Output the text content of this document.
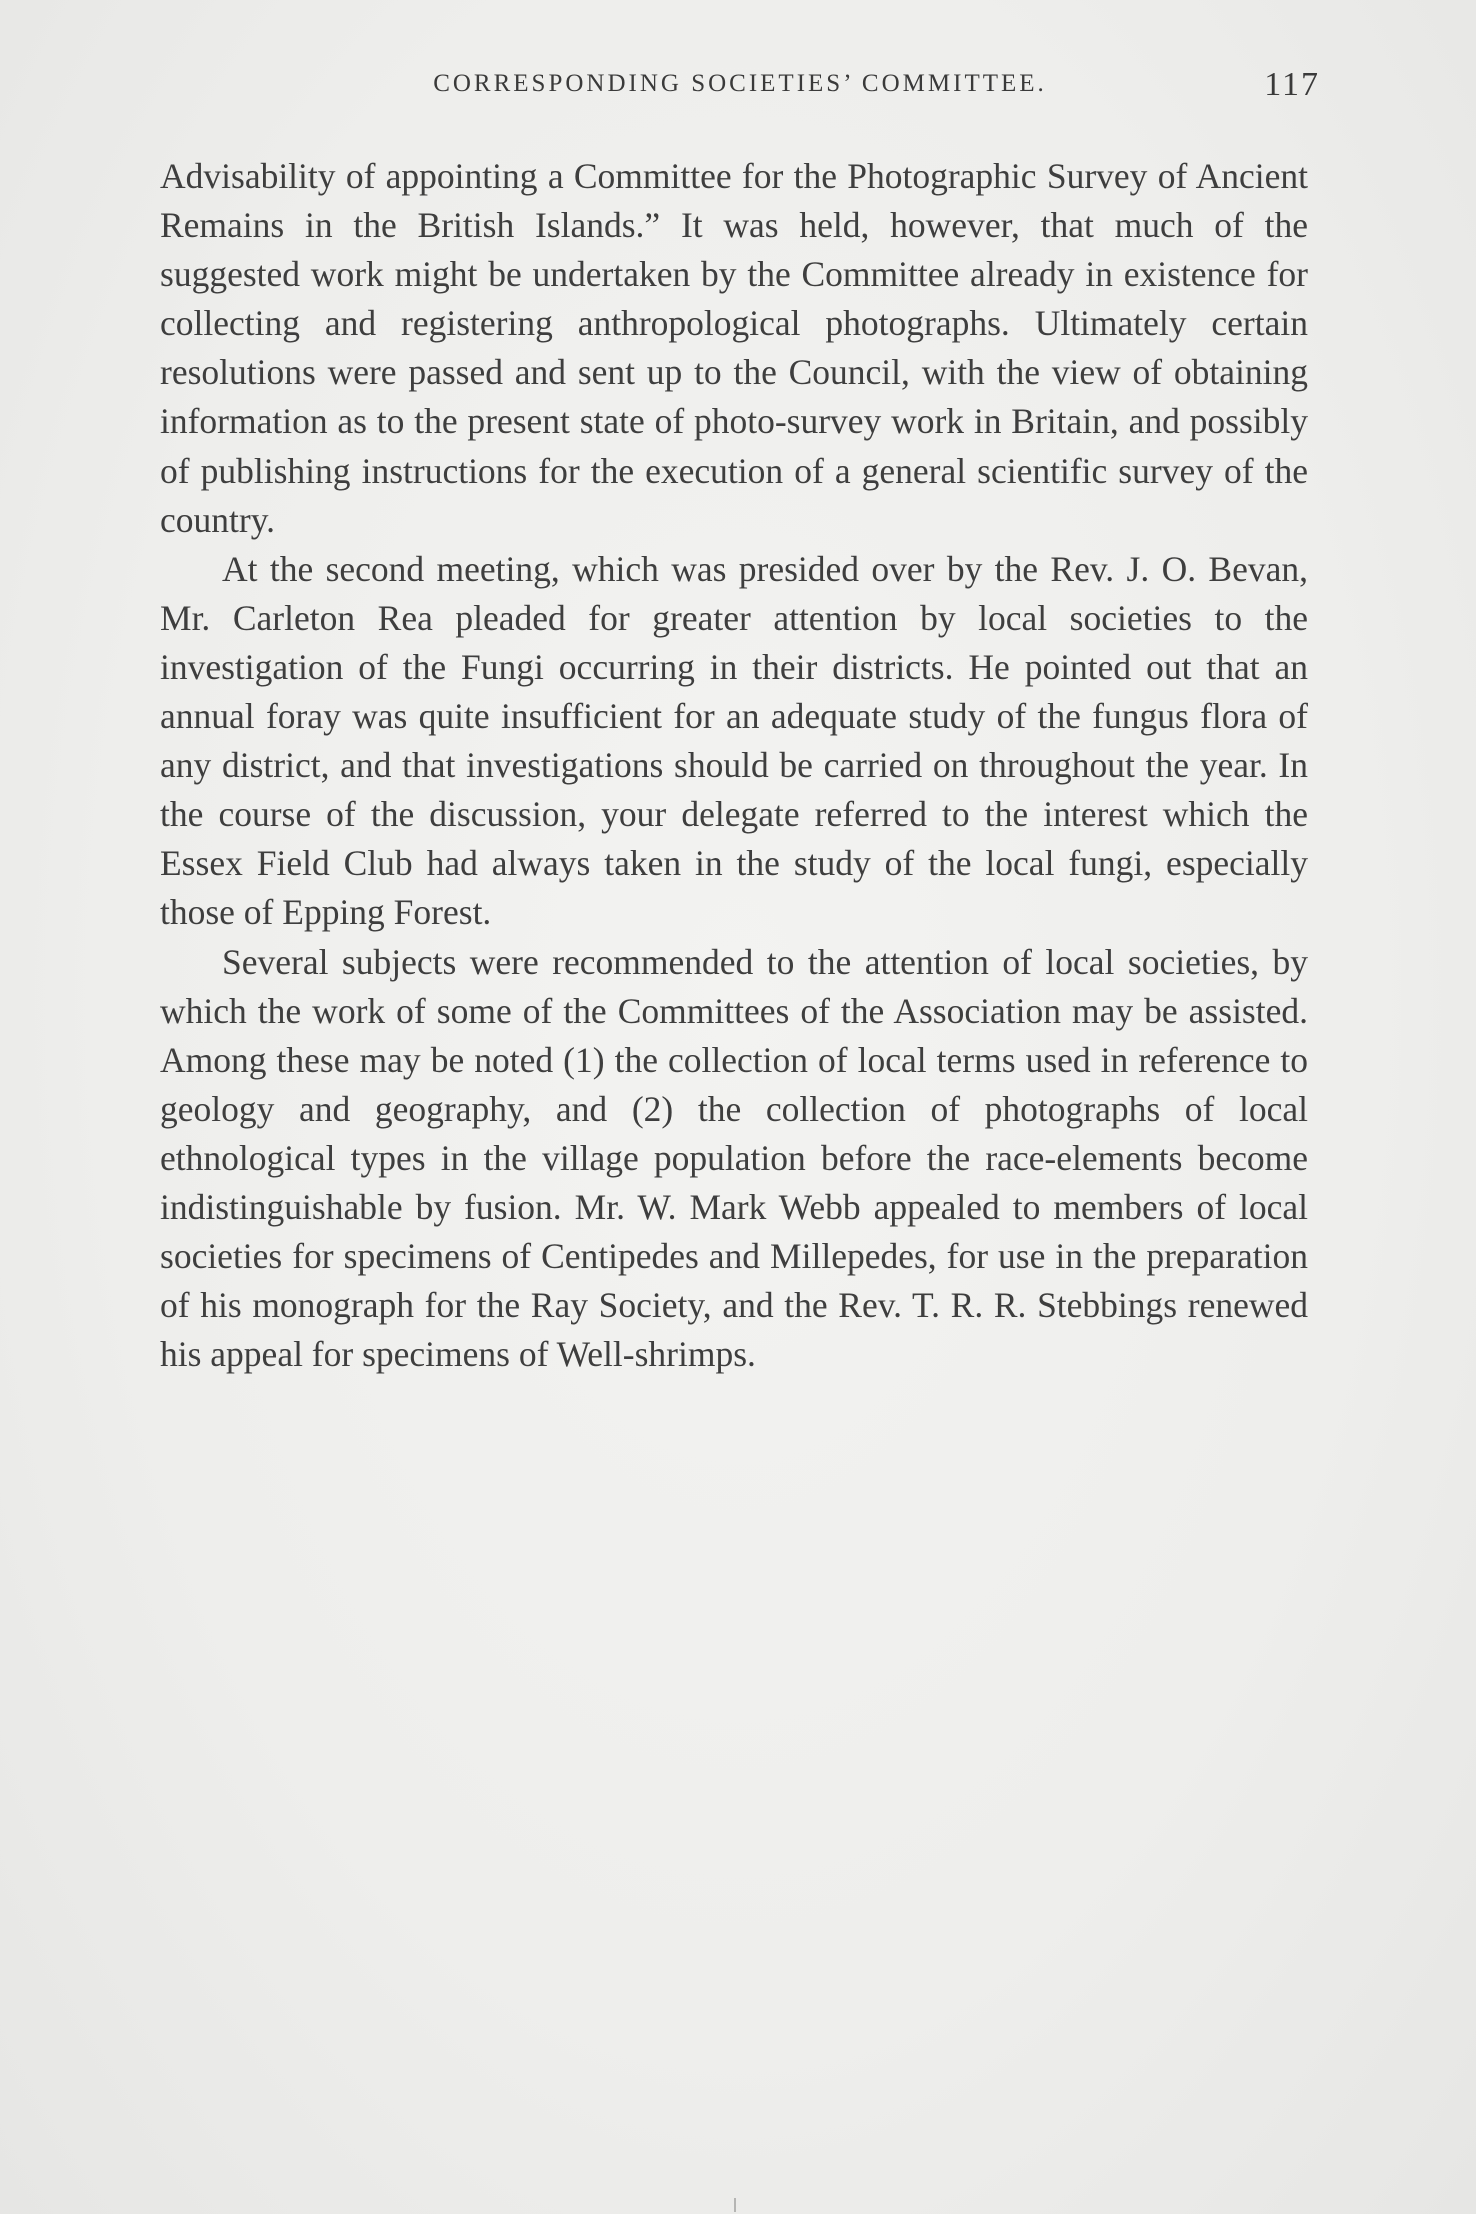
CORRESPONDING SOCIETIES’ COMMITTEE.	117

Advisability of appointing a Committee for the Photographic Survey of Ancient Remains in the British Islands.” It was held, however, that much of the suggested work might be undertaken by the Committee already in existence for collecting and registering anthropological photographs. Ultimately certain resolutions were passed and sent up to the Council, with the view of obtaining information as to the present state of photo-survey work in Britain, and possibly of publishing instructions for the execution of a general scientific survey of the country.

At the second meeting, which was presided over by the Rev. J. O. Bevan, Mr. Carleton Rea pleaded for greater attention by local societies to the investigation of the Fungi occurring in their districts. He pointed out that an annual foray was quite insufficient for an adequate study of the fungus flora of any district, and that investigations should be carried on throughout the year. In the course of the discussion, your delegate referred to the interest which the Essex Field Club had always taken in the study of the local fungi, especially those of Epping Forest.

Several subjects were recommended to the attention of local societies, by which the work of some of the Committees of the Association may be assisted. Among these may be noted (1) the collection of local terms used in reference to geology and geography, and (2) the collection of photographs of local ethnological types in the village population before the race-elements become indistinguishable by fusion. Mr. W. Mark Webb appealed to members of local societies for specimens of Centipedes and Millepedes, for use in the preparation of his monograph for the Ray Society, and the Rev. T. R. R. Stebbings renewed his appeal for specimens of Well-shrimps.
